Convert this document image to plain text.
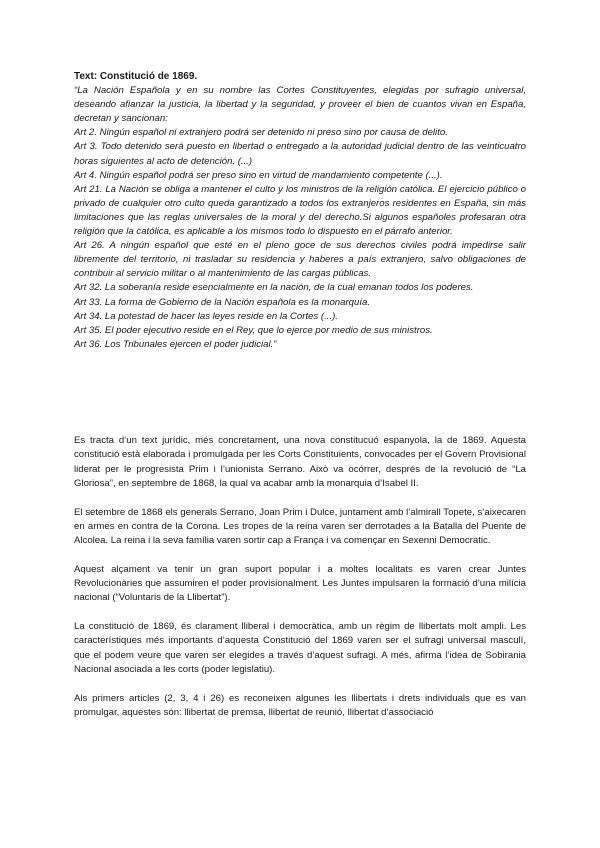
Text: Constitució de 1869.

“La Nación Española y en su nombre las Cortes Constituyentes, elegidas por sufragio universal, deseando afianzar la justicia, la libertad y la seguridad, y proveer el bien de cuantos vivan en España, decretan y sancionan:

Art 2. Ningún español ni extranjero podrá ser detenido ni preso sino por causa de delito.

Art 3. Todo detenido será puesto en libertad o entregado a la autoridad judicial dentro de las veinticuatro horas siguientes al acto de detención. (...)

Art 4. Ningún español podrá ser preso sino en virtud de mandamiento competente (...).

Art 21. La Nación se obliga a mantener el culto y los ministros de la religión católica. El ejercicio público o privado de cualquier otro culto queda garantizado a todos los extranjeros residentes en España, sin más limitaciones que las reglas universales de la moral y del derecho.Si algunos españoles profesaran otra religión que la católica, es aplicable a los mismos todo lo dispuesto en el párrafo anterior.

Art 26. A ningún español que esté en el pleno goce de sus derechos civiles podrá impedirse salir libremente del territorio, ni trasladar su residencia y haberes a país extranjero, salvo obligaciones de contribuir al servicio militar o al mantenimiento de las cargas públicas.

Art 32. La soberanía reside esencialmente en la nación, de la cual emanan todos los poderes.

Art 33. La forma de Gobierno de la Nación española es la monarquía.

Art 34. La potestad de hacer las leyes reside en la Cortes (...).

Art 35. El poder ejecutivo reside en el Rey, que lo ejerce por medio de sus ministros.

Art 36. Los Tribunales ejercen el poder judicial.”

Es tracta d’un text jurídic, més concretament, una nova constitucuó espanyola, la de 1869. Aquesta constitució està elaborada i promulgada per les Corts Constituients, convocades per el Govern Provisional liderat per le progresista Prim i l’unionista Serrano. Això va ocórrer, després de la revolució de “La Gloriosa”, en septembre de 1868, la qual va acabar amb la monarquia d’Isabel II.

El setembre de 1868 els generals Serrano, Joan Prim i Dulce, juntament amb l’almirall Topete, s’aixecaren en armes en contra de la Corona. Les tropes de la reina varen ser derrotades a la Batalla del Puente de Alcolea. La reina i la seva família varen sortir cap a França i va començar en Sexenni Democratic.

Aquest alçament va tenir un gran suport popular i a moltes localitats es varen crear Juntes Revolucionàries que assumiren el poder provisionalment. Les Juntes impulsaren la formació d’una milícia nacional (“Voluntaris de la Llibertat”).

La constitució de 1869, és clarament lliberal i democràtica, amb un règim de llibertats molt ampli. Les característiques més importants d’aquesta Constitució del 1869 varen ser el sufragi universal masculí, que el podem veure que varen ser elegides a través d’aquest sufragi. A més, afirma l’idea de Sobirania Nacional asociada a les corts (poder legislatiu).

Als primers articles (2, 3, 4 i 26) es reconeixen algunes les llibertats i drets individuals que es van promulgar, aquestes són: llibertat de premsa, llibertat de reunió, llibertat d’associació
